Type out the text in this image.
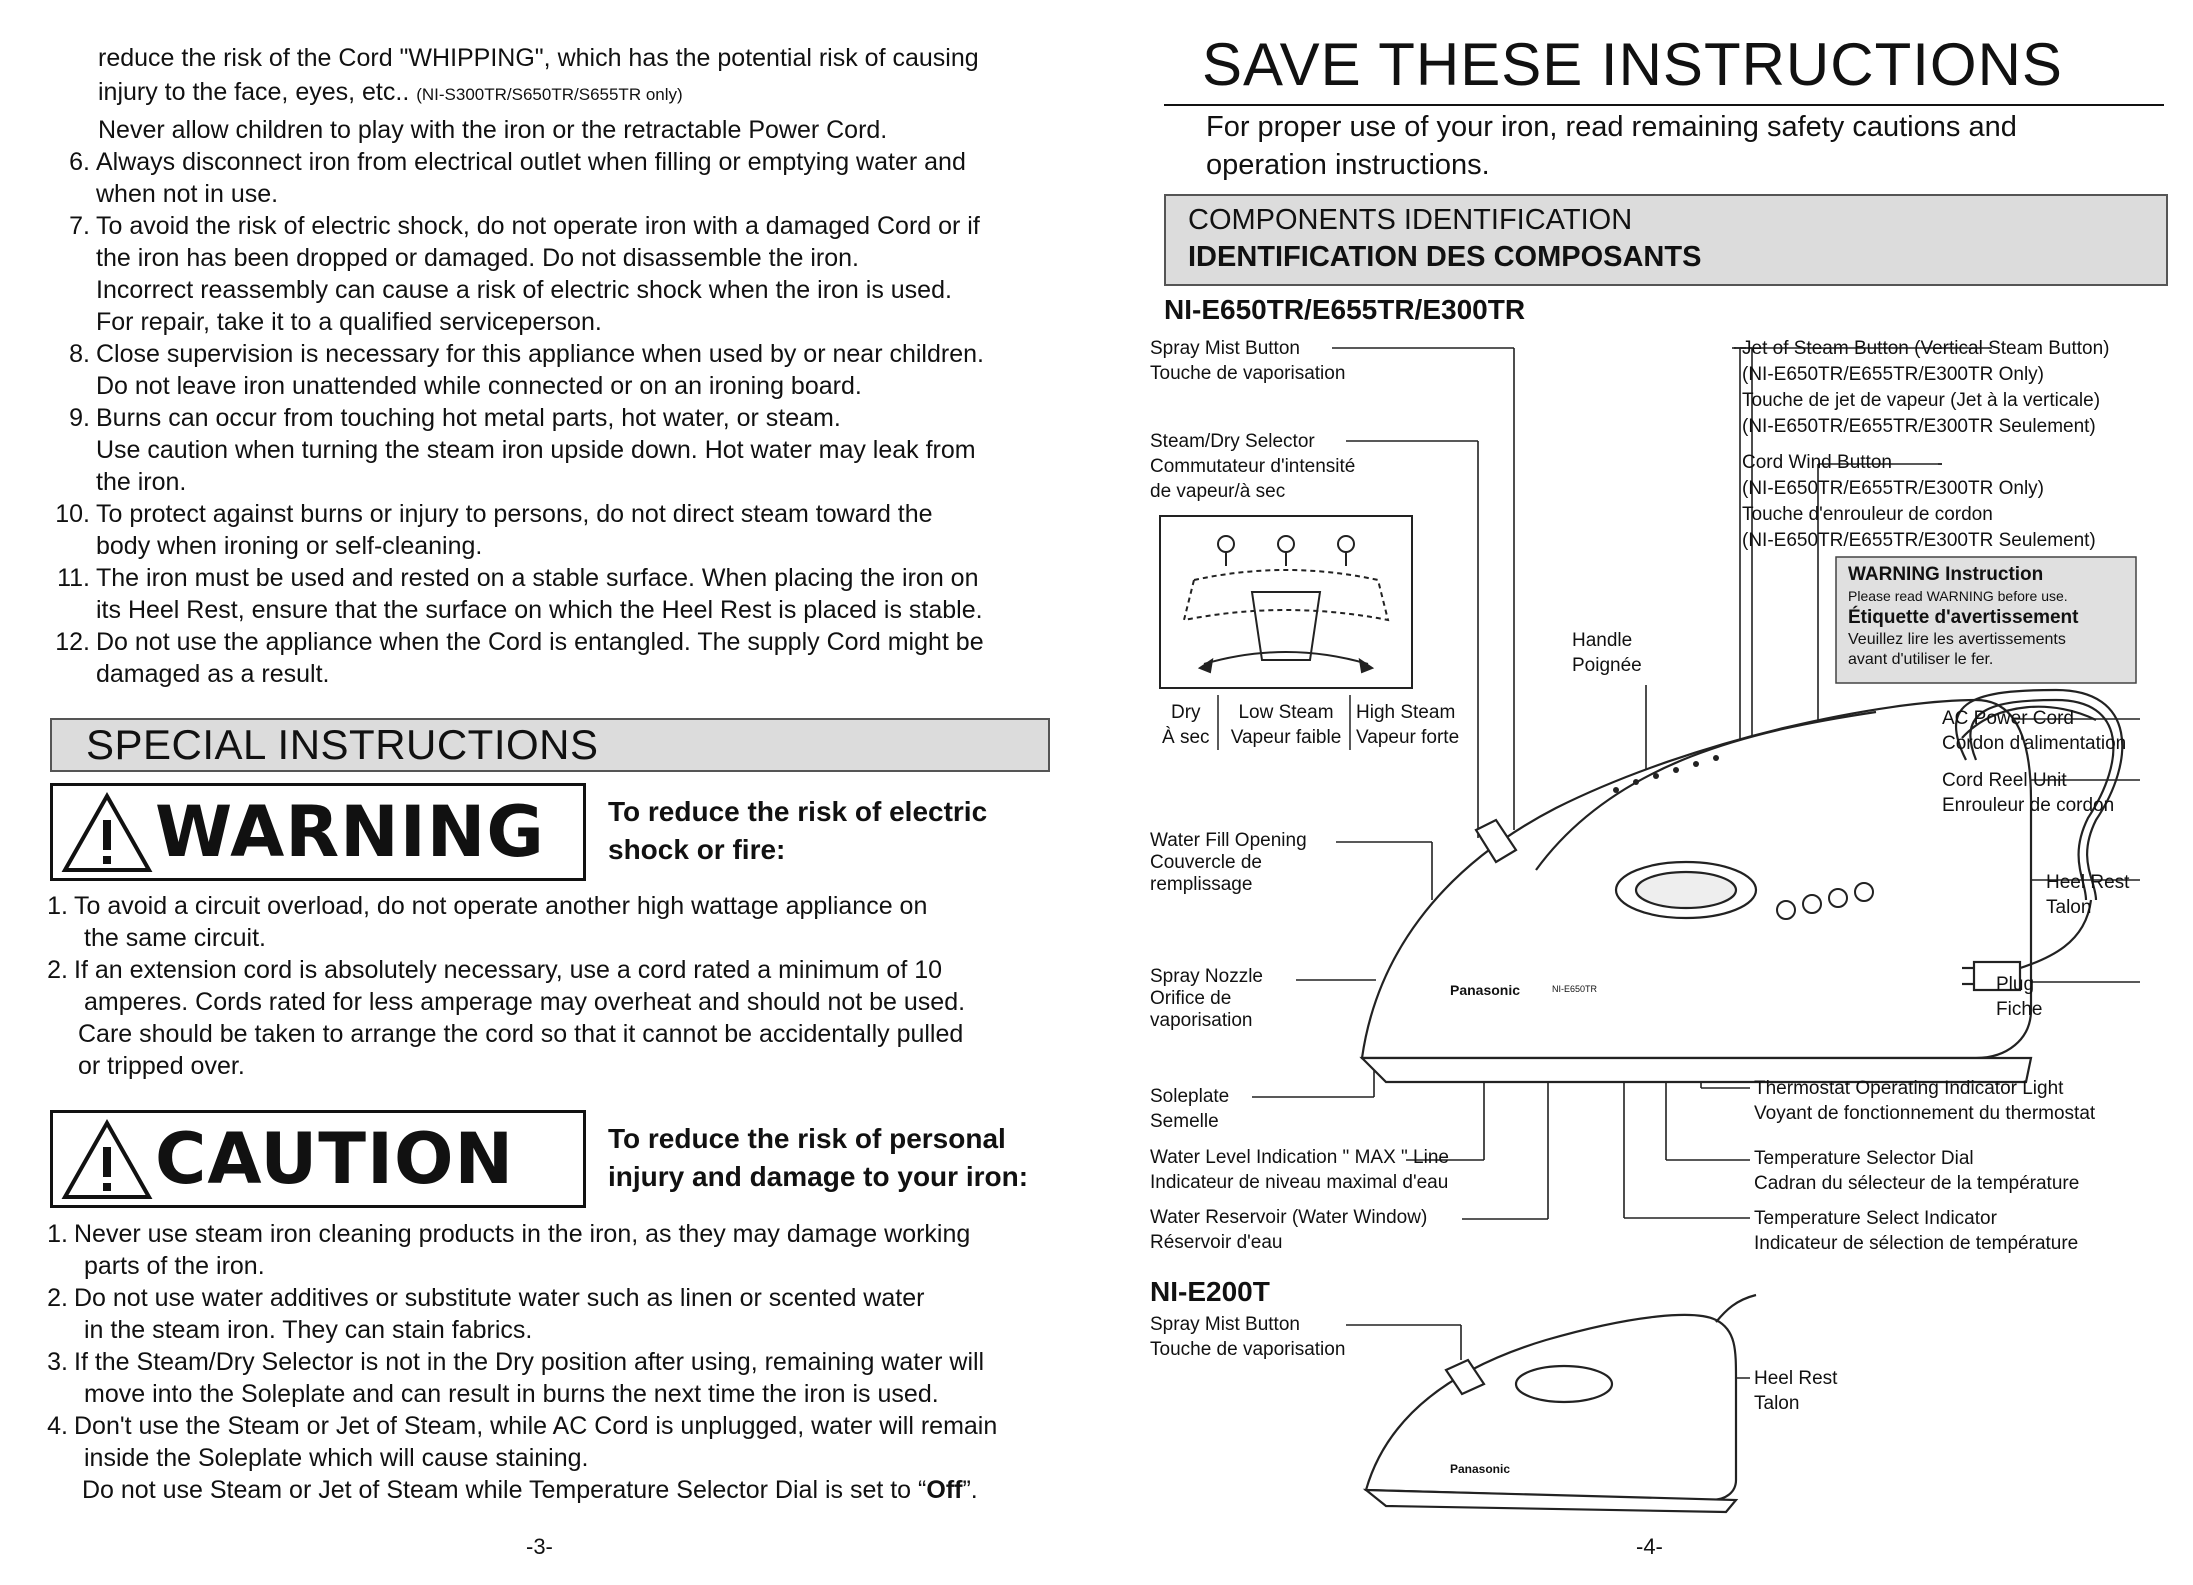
reduce the risk of the Cord "WHIPPING", which has the potential risk of causing
injury to the face, eyes, etc.. (NI-S300TR/S650TR/S655TR only)
Never allow children to play with the iron or the retractable Power Cord.
6. Always disconnect iron from electrical outlet when filling or emptying water and
when not in use.
7. To avoid the risk of electric shock, do not operate iron with a damaged Cord or if
the iron has been dropped or damaged. Do not disassemble the iron.
Incorrect reassembly can cause a risk of electric shock when the iron is used.
For repair, take it to a qualified serviceperson.
8. Close supervision is necessary for this appliance when used by or near children.
Do not leave iron unattended while connected or on an ironing board.
9. Burns can occur from touching hot metal parts, hot water, or steam.
Use caution when turning the steam iron upside down. Hot water may leak from
the iron.
10. To protect against burns or injury to persons, do not direct steam toward the
body when ironing or self-cleaning.
11. The iron must be used and rested on a stable surface. When placing the iron on
its Heel Rest, ensure that the surface on which the Heel Rest is placed is stable.
12. Do not use the appliance when the Cord is entangled. The supply Cord might be
damaged as a result.
SPECIAL INSTRUCTIONS
WARNING To reduce the risk of electric
shock or fire:
1. To avoid a circuit overload, do not operate another high wattage appliance on
the same circuit.
2. If an extension cord is absolutely necessary, use a cord rated a minimum of 10
amperes. Cords rated for less amperage may overheat and should not be used.
Care should be taken to arrange the cord so that it cannot be accidentally pulled
or tripped over.
CAUTION	To reduce the risk of personal
injury and damage to your iron:
1. Never use steam iron cleaning products in the iron, as they may damage working
parts of the iron.
2. Do not use water additives or substitute water such as linen or scented water
in the steam iron. They can stain fabrics.
3. If the Steam/Dry Selector is not in the Dry position after using, remaining water will
move into the Soleplate and can result in burns the next time the iron is used.
4. Don't use the Steam or Jet of Steam, while AC Cord is unplugged, water will remain
inside the Soleplate which will cause staining.
Do not use Steam or Jet of Steam while Temperature Selector Dial is set to “Off”.
-3-
SAVE THESE INSTRUCTIONS
For proper use of your iron, read remaining safety cautions and
operation instructions.
COMPONENTS IDENTIFICATION
IDENTIFICATION DES COMPOSANTS
NI-E650TR/E655TR/E300TR
Spray Mist Button
Touche de vaporisation
Steam/Dry Selector
Commutateur d'intensité
de vapeur/à sec
Dry
À sec
Low Steam
Vapeur faible
High Steam
Vapeur forte
Handle
Poignée
Water Fill Opening
Couvercle de
remplissage
Spray Nozzle
Orifice de
vaporisation
Soleplate
Semelle
Water Level Indication " MAX " Line
Indicateur de niveau maximal d'eau
Water Reservoir (Water Window)
Réservoir d'eau
Jet of Steam Button (Vertical Steam Button)
(NI-E650TR/E655TR/E300TR Only)
Touche de jet de vapeur (Jet à la verticale)
(NI-E650TR/E655TR/E300TR Seulement)
Cord Wind Button
(NI-E650TR/E655TR/E300TR Only)
Touche d'enrouleur de cordon
(NI-E650TR/E655TR/E300TR Seulement)
WARNING Instruction
Please read WARNING before use.
Étiquette d'avertissement
Veuillez lire les avertissements
avant d'utiliser le fer.
AC Power Cord
Cordon d'alimentation
Cord Reel Unit
Enrouleur de cordon
Heel Rest
Talon
Plug
Fiche
Thermostat Operating Indicator Light
Voyant de fonctionnement du thermostat
Temperature Selector Dial
Cadran du sélecteur de la température
Temperature Select Indicator
Indicateur de sélection de température
Panasonic	NI-E650TR
NI-E200T
Spray Mist Button
Touche de vaporisation
Heel Rest
Talon
Panasonic
-4-
